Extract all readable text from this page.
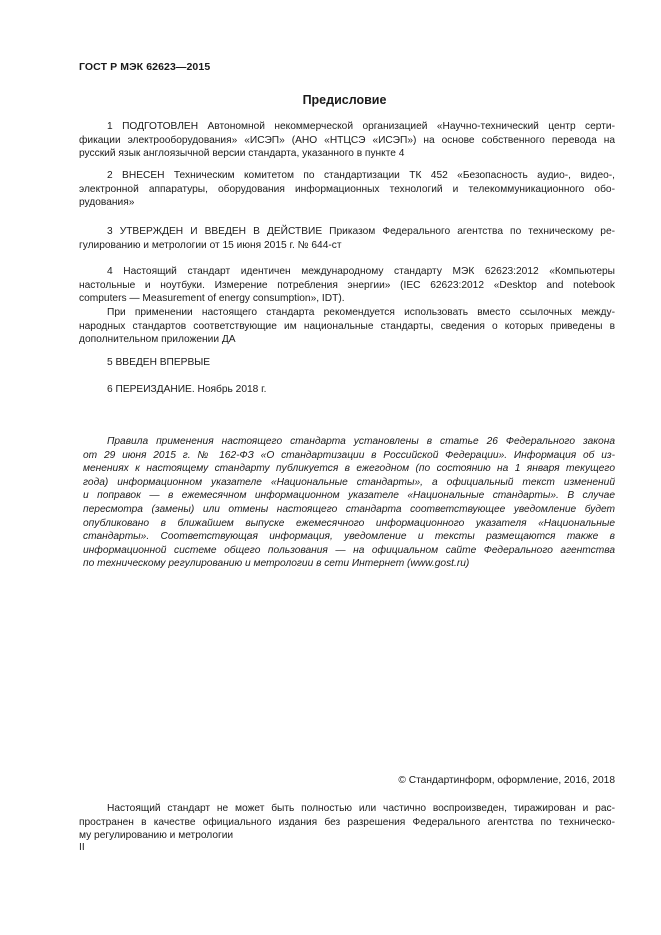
ГОСТ Р МЭК 62623—2015
Предисловие
1 ПОДГОТОВЛЕН Автономной некоммерческой организацией «Научно-технический центр серти-
фикации электрооборудования» «ИСЭП» (АНО «НТЦСЭ «ИСЭП») на основе собственного перевода на
русский язык англоязычной версии стандарта, указанного в пункте 4
2 ВНЕСЕН Техническим комитетом по стандартизации ТК 452 «Безопасность аудио-, видео-,
электронной аппаратуры, оборудования информационных технологий и телекоммуникационного обо-
рудования»
3 УТВЕРЖДЕН И ВВЕДЕН В ДЕЙСТВИЕ Приказом Федерального агентства по техническому ре-
гулированию и метрологии от 15 июня 2015 г. № 644-ст
4 Настоящий стандарт идентичен международному стандарту МЭК 62623:2012 «Компьютеры
настольные и ноутбуки. Измерение потребления энергии» (IEC 62623:2012 «Desktop and notebook
computers — Measurement of energy consumption», IDT).
При применении настоящего стандарта рекомендуется использовать вместо ссылочных между-
народных стандартов соответствующие им национальные стандарты, сведения о которых приведены в
дополнительном приложении ДА
5 ВВЕДЕН ВПЕРВЫЕ
6 ПЕРЕИЗДАНИЕ. Ноябрь 2018 г.
Правила применения настоящего стандарта установлены в статье 26 Федерального закона
от 29 июня 2015 г. № 162-ФЗ «О стандартизации в Российской Федерации». Информация об из-
менениях к настоящему стандарту публикуется в ежегодном (по состоянию на 1 января текущего
года) информационном указателе «Национальные стандарты», а официальный текст изменений
и поправок — в ежемесячном информационном указателе «Национальные стандарты». В случае
пересмотра (замены) или отмены настоящего стандарта соответствующее уведомление будет
опубликовано в ближайшем выпуске ежемесячного информационного указателя «Национальные
стандарты». Соответствующая информация, уведомление и тексты размещаются также в
информационной системе общего пользования — на официальном сайте Федерального агентства
по техническому регулированию и метрологии в сети Интернет (www.gost.ru)
© Стандартинформ, оформление, 2016, 2018
Настоящий стандарт не может быть полностью или частично воспроизведен, тиражирован и рас-
пространен в качестве официального издания без разрешения Федерального агентства по техническо-
му регулированию и метрологии
II
